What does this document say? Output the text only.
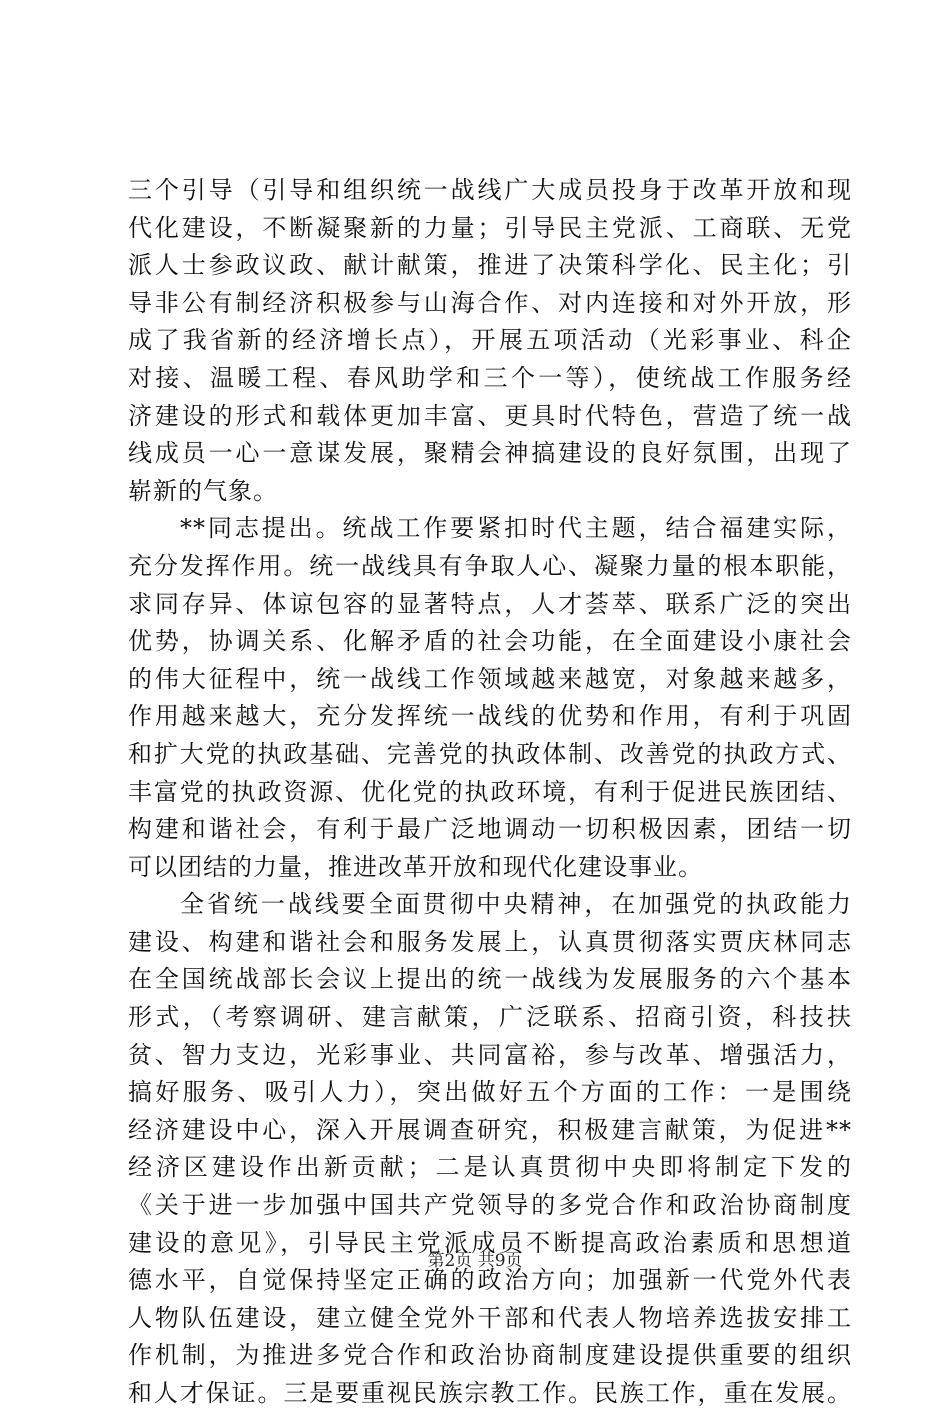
三个引导（引导和组织统一战线广大成员投身于改革开放和现
代化建设，不断凝聚新的力量；引导民主党派、工商联、无党
派人士参政议政、献计献策，推进了决策科学化、民主化；引
导非公有制经济积极参与山海合作、对内连接和对外开放，形
成了我省新的经济增长点），开展五项活动（光彩事业、科企
对接、温暖工程、春风助学和三个一等），使统战工作服务经
济建设的形式和载体更加丰富、更具时代特色，营造了统一战
线成员一心一意谋发展，聚精会神搞建设的良好氛围，出现了
崭新的气象。
**同志提出。统战工作要紧扣时代主题，结合福建实际，
充分发挥作用。统一战线具有争取人心、凝聚力量的根本职能，
求同存异、体谅包容的显著特点，人才荟萃、联系广泛的突出
优势，协调关系、化解矛盾的社会功能，在全面建设小康社会
的伟大征程中，统一战线工作领域越来越宽，对象越来越多，
作用越来越大，充分发挥统一战线的优势和作用，有利于巩固
和扩大党的执政基础、完善党的执政体制、改善党的执政方式、
丰富党的执政资源、优化党的执政环境，有利于促进民族团结、
构建和谐社会，有利于最广泛地调动一切积极因素，团结一切
可以团结的力量，推进改革开放和现代化建设事业。
全省统一战线要全面贯彻中央精神，在加强党的执政能力
建设、构建和谐社会和服务发展上，认真贯彻落实贾庆林同志
在全国统战部长会议上提出的统一战线为发展服务的六个基本
形式，（考察调研、建言献策，广泛联系、招商引资，科技扶
贫、智力支边，光彩事业、共同富裕，参与改革、增强活力，
搞好服务、吸引人力），突出做好五个方面的工作：一是围绕
经济建设中心，深入开展调查研究，积极建言献策，为促进**
经济区建设作出新贡献；二是认真贯彻中央即将制定下发的
《关于进一步加强中国共产党领导的多党合作和政治协商制度
建设的意见》，引导民主党派成员不断提高政治素质和思想道
德水平，自觉保持坚定正确的政治方向；加强新一代党外代表
人物队伍建设，建立健全党外干部和代表人物培养选拔安排工
作机制，为推进多党合作和政治协商制度建设提供重要的组织
和人才保证。三是要重视民族宗教工作。民族工作，重在发展。
第2页 共9页
